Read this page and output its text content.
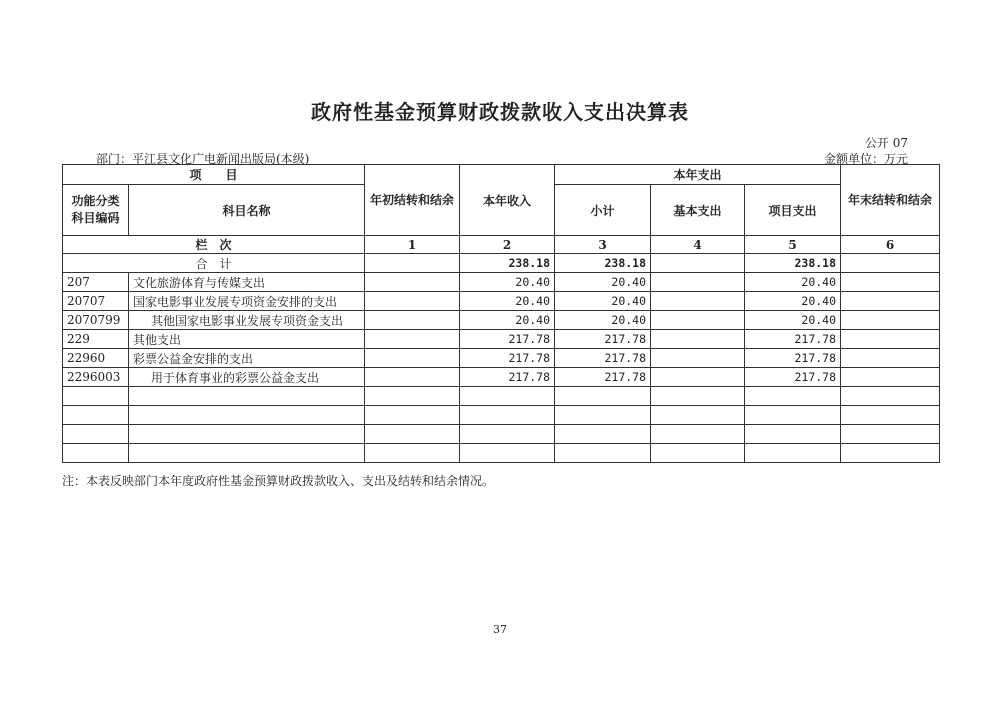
政府性基金预算财政拨款收入支出决算表
公开 07
部门：平江县文化广电新闻出版局(本级)	金额单位：万元
项　　目		年初结转和结余	本年收入	本年支出			年末结转和结余
功能分类科目编码	科目名称			小计	基本支出	项目支出	
栏　次		1	2	3	4	5	6
合　计			238.18	238.18		238.18	
207	文化旅游体育与传媒支出		20.40	20.40		20.40	
20707	国家电影事业发展专项资金安排的支出		20.40	20.40		20.40	
2070799	其他国家电影事业发展专项资金支出		20.40	20.40		20.40	
229	其他支出		217.78	217.78		217.78	
22960	彩票公益金安排的支出		217.78	217.78		217.78	
2296003	用于体育事业的彩票公益金支出		217.78	217.78		217.78	

注：本表反映部门本年度政府性基金预算财政拨款收入、支出及结转和结余情况。
37
